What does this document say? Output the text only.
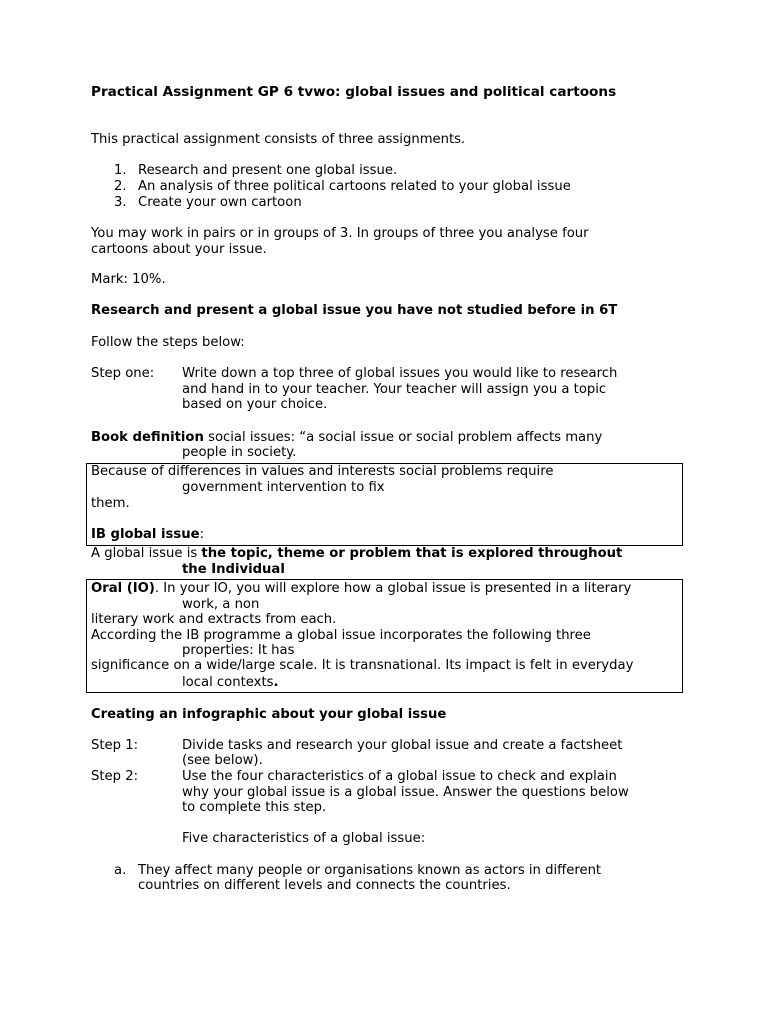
Practical Assignment GP 6 tvwo: global issues and political cartoons
This practical assignment consists of three assignments.
1. Research and present one global issue.
2. An analysis of three political cartoons related to your global issue
3. Create your own cartoon
You may work in pairs or in groups of 3. In groups of three you analyse four
cartoons about your issue.
Mark: 10%.
Research and present a global issue you have not studied before in 6T
Follow the steps below:
Step one: Write down a top three of global issues you would like to research
and hand in to your teacher. Your teacher will assign you a topic
based on your choice.
Book definition social issues: “a social issue or social problem affects many
people in society.
Because of differences in values and interests social problems require
government intervention to fix
them.
IB global issue:
A global issue is the topic, theme or problem that is explored throughout
the Individual
Oral (IO). In your IO, you will explore how a global issue is presented in a literary
work, a non
literary work and extracts from each.
According the IB programme a global issue incorporates the following three
properties: It has
significance on a wide/large scale. It is transnational. Its impact is felt in everyday
local contexts.
Creating an infographic about your global issue
Step 1:	Divide tasks and research your global issue and create a factsheet
(see below).
Step 2:	Use the four characteristics of a global issue to check and explain
why your global issue is a global issue. Answer the questions below
to complete this step.
Five characteristics of a global issue:
a. They affect many people or organisations known as actors in different
countries on different levels and connects the countries.
